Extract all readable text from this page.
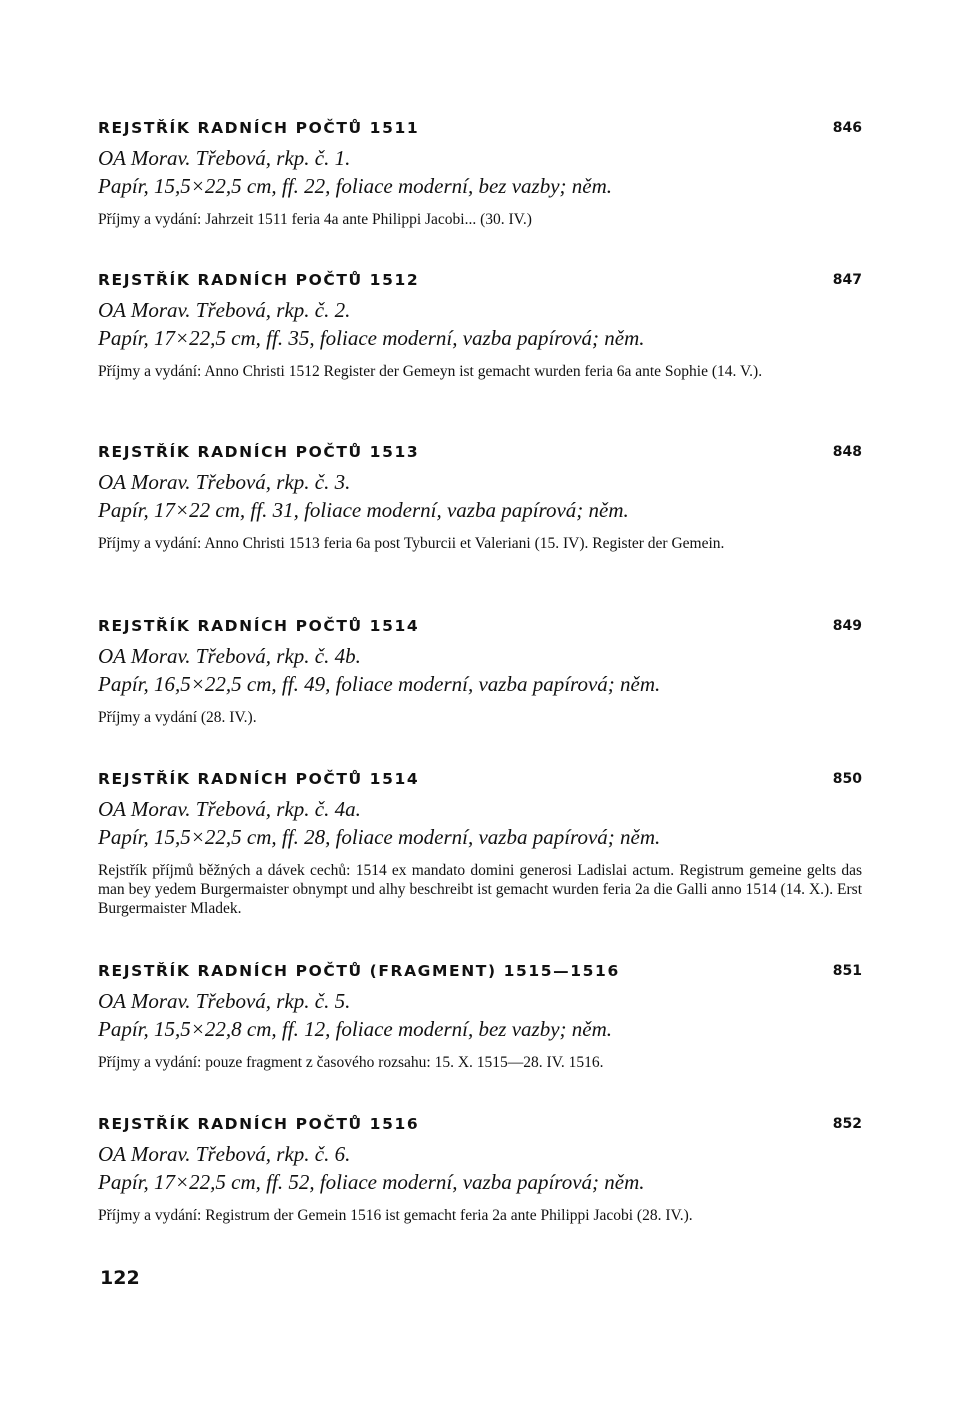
REJSTŘÍK RADNÍCH POČTŮ 1511	846
OA Morav. Třebová, rkp. č. 1.
Papír, 15,5×22,5 cm, ff. 22, foliace moderní, bez vazby; něm.
Příjmy a vydání: Jahrzeit 1511 feria 4a ante Philippi Jacobi... (30. IV.)
REJSTŘÍK RADNÍCH POČTŮ 1512	847
OA Morav. Třebová, rkp. č. 2.
Papír, 17×22,5 cm, ff. 35, foliace moderní, vazba papírová; něm.
Příjmy a vydání: Anno Christi 1512 Register der Gemeyn ist gemacht wurden feria 6a ante Sophie (14. V.).
REJSTŘÍK RADNÍCH POČTŮ 1513	848
OA Morav. Třebová, rkp. č. 3.
Papír, 17×22 cm, ff. 31, foliace moderní, vazba papírová; něm.
Příjmy a vydání: Anno Christi 1513 feria 6a post Tyburcii et Valeriani (15. IV). Register der Gemein.
REJSTŘÍK RADNÍCH POČTŮ 1514	849
OA Morav. Třebová, rkp. č. 4b.
Papír, 16,5×22,5 cm, ff. 49, foliace moderní, vazba papírová; něm.
Příjmy a vydání (28. IV.).
REJSTŘÍK RADNÍCH POČTŮ 1514	850
OA Morav. Třebová, rkp. č. 4a.
Papír, 15,5×22,5 cm, ff. 28, foliace moderní, vazba papírová; něm.
Rejstřík příjmů běžných a dávek cechů: 1514 ex mandato domini generosi Ladislai actum. Registrum gemeine gelts das man bey yedem Burgermaister obnympt und alhy beschreibt ist gemacht wurden feria 2a die Galli anno 1514 (14. X.). Erst Burgermaister Mladek.
REJSTŘÍK RADNÍCH POČTŮ (FRAGMENT) 1515—1516	851
OA Morav. Třebová, rkp. č. 5.
Papír, 15,5×22,8 cm, ff. 12, foliace moderní, bez vazby; něm.
Příjmy a vydání: pouze fragment z časového rozsahu: 15. X. 1515—28. IV. 1516.
REJSTŘÍK RADNÍCH POČTŮ 1516	852
OA Morav. Třebová, rkp. č. 6.
Papír, 17×22,5 cm, ff. 52, foliace moderní, vazba papírová; něm.
Příjmy a vydání: Registrum der Gemein 1516 ist gemacht feria 2a ante Philippi Jacobi (28. IV.).
122
